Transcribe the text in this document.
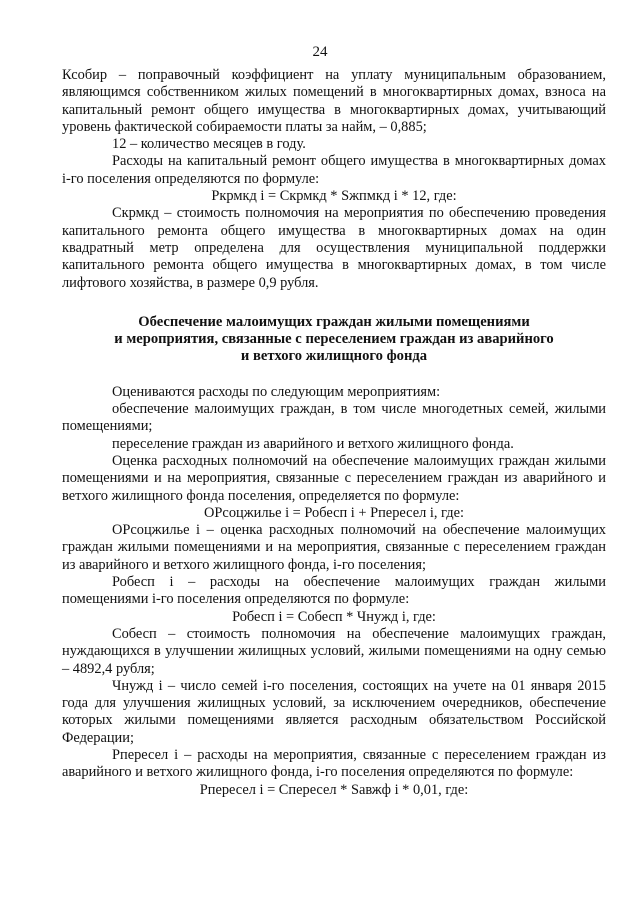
24

Ксобир – поправочный коэффициент на уплату муниципальным образованием, являющимся собственником жилых помещений в многоквартирных домах, взноса на капитальный ремонт общего имущества в многоквартирных домах, учитывающий уровень фактической собираемости платы за найм, – 0,885;

12 – количество месяцев в году.

Расходы на капитальный ремонт общего имущества в многоквартирных домах i-го поселения определяются по формуле:

Ркрмкд i = Скрмкд * Sжпмкд i * 12, где:

Скрмкд – стоимость полномочия на мероприятия по обеспечению проведения капитального ремонта общего имущества в многоквартирных домах на один квадратный метр определена для осуществления муниципальной поддержки капитального ремонта общего имущества в многоквартирных домах, в том числе лифтового хозяйства, в размере 0,9 рубля.

Обеспечение малоимущих граждан жилыми помещениями
и мероприятия, связанные с переселением граждан из аварийного
и ветхого жилищного фонда

Оцениваются расходы по следующим мероприятиям:

обеспечение малоимущих граждан, в том числе многодетных семей, жилыми помещениями;

переселение граждан из аварийного и ветхого жилищного фонда.

Оценка расходных полномочий на обеспечение малоимущих граждан жилыми помещениями и на мероприятия, связанные с переселением граждан из аварийного и ветхого жилищного фонда поселения, определяется по формуле:

ОРсоцжилье i = Робесп i + Рпересел i, где:

ОРсоцжилье i – оценка расходных полномочий на обеспечение малоимущих граждан жилыми помещениями и на мероприятия, связанные с переселением граждан из аварийного и ветхого жилищного фонда, i-го поселения;

Робесп i – расходы на обеспечение малоимущих граждан жилыми помещениями i-го поселения определяются по формуле:

Робесп i = Собесп * Чнужд i, где:

Собесп – стоимость полномочия на обеспечение малоимущих граждан, нуждающихся в улучшении жилищных условий, жилыми помещениями на одну семью – 4892,4 рубля;

Чнужд i – число семей i-го поселения, состоящих на учете на 01 января 2015 года для улучшения жилищных условий, за исключением очередников, обеспечение которых жилыми помещениями является расходным обязательством Российской Федерации;

Рпересел i – расходы на мероприятия, связанные с переселением граждан из аварийного и ветхого жилищного фонда, i-го поселения определяются по формуле:

Рпересел i = Спересел * Sавжф i * 0,01, где:
